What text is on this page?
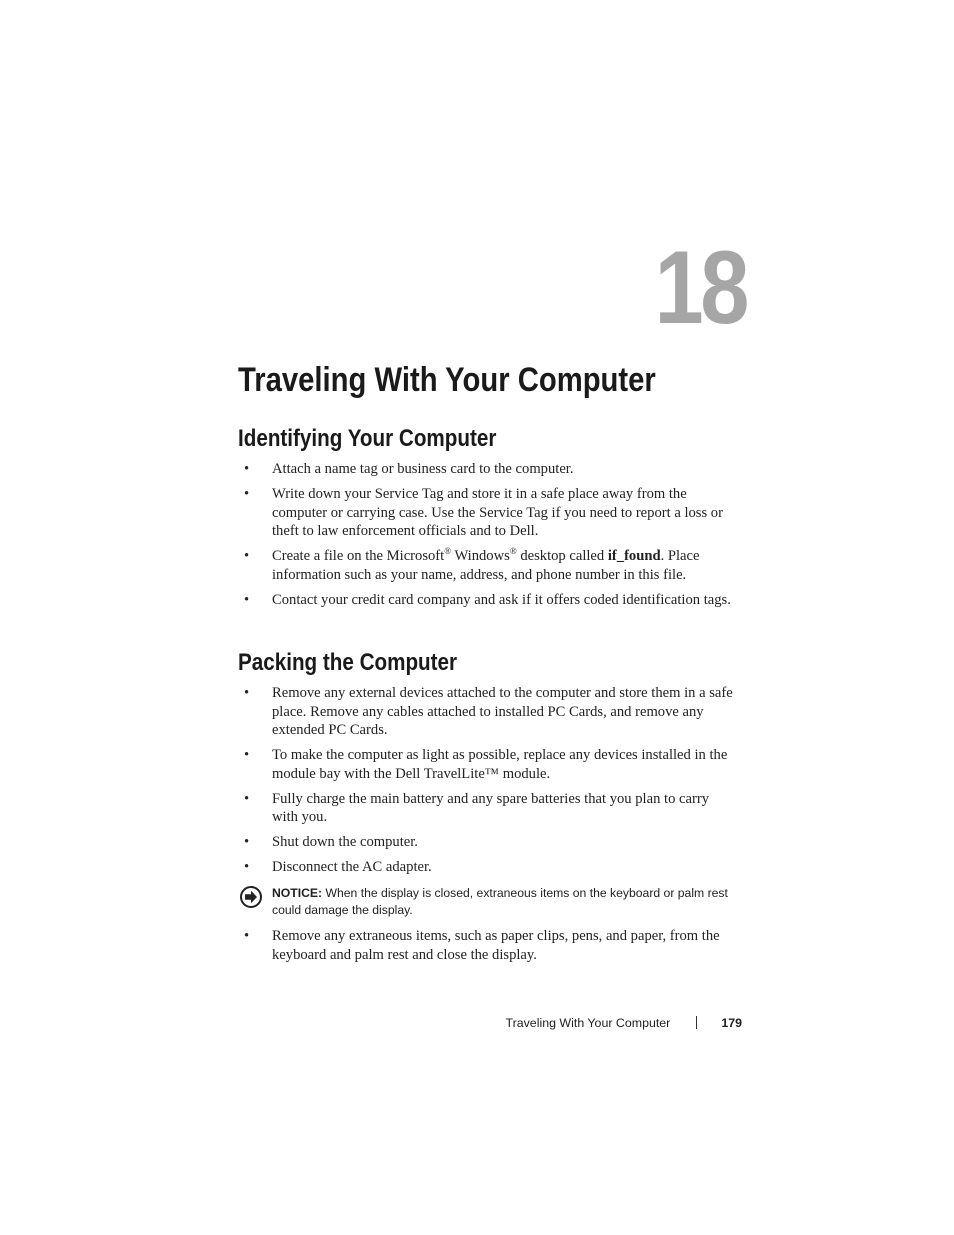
18
Traveling With Your Computer
Identifying Your Computer
• Attach a name tag or business card to the computer.
• Write down your Service Tag and store it in a safe place away from the computer or carrying case. Use the Service Tag if you need to report a loss or theft to law enforcement officials and to Dell.
• Create a file on the Microsoft® Windows® desktop called if_found. Place information such as your name, address, and phone number in this file.
• Contact your credit card company and ask if it offers coded identification tags.
Packing the Computer
• Remove any external devices attached to the computer and store them in a safe place. Remove any cables attached to installed PC Cards, and remove any extended PC Cards.
• To make the computer as light as possible, replace any devices installed in the module bay with the Dell TravelLite™ module.
• Fully charge the main battery and any spare batteries that you plan to carry with you.
• Shut down the computer.
• Disconnect the AC adapter.
NOTICE: When the display is closed, extraneous items on the keyboard or palm rest could damage the display.
• Remove any extraneous items, such as paper clips, pens, and paper, from the keyboard and palm rest and close the display.
Traveling With Your Computer	179
